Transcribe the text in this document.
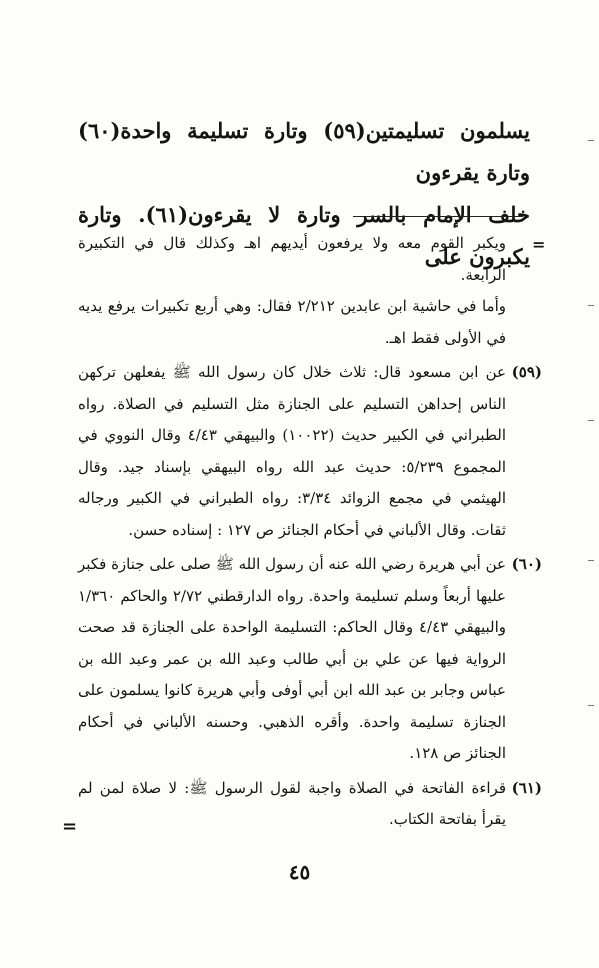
يسلمون تسليمتين(٥٩) وتارة تسليمة واحدة(٦٠) وتارة يقرءون

خلف الإمام بالسر وتارة لا يقرءون(٦١). وتارة يكبرون على =
ويكبر القوم معه ولا يرفعون أيديهم اهـ وكذلك قال في التكبيرة الرابعة.
وأما في حاشية ابن عابدين ٢/٢١٢ فقال: وهي أربع تكبيرات يرفع يديه في الأولى فقط اهـ.
(٥٩)
عن ابن مسعود قال: ثلاث خلال كان رسول الله ﷺ يفعلهن تركهن الناس إحداهن التسليم على الجنازة مثل التسليم في الصلاة. رواه الطبراني في الكبير حديث (١٠٠٢٢) والبيهقي ٤/٤٣ وقال النووي في المجموع ٥/٢٣٩: حديث عبد الله رواه البيهقي بإسناد جيد. وقال الهيثمي في مجمع الزوائد ٣/٣٤: رواه الطبراني في الكبير ورجاله ثقات. وقال الألباني في أحكام الجنائز ص ١٢٧ : إسناده حسن.
(٦٠)
عن أبي هريرة رضي الله عنه أن رسول الله ﷺ صلى على جنازة فكبر عليها أربعاً وسلم تسليمة واحدة. رواه الدارقطني ٢/٧٢ والحاكم ١/٣٦٠ والبيهقي ٤/٤٣ وقال الحاكم: التسليمة الواحدة على الجنازة قد صحت الرواية فيها عن علي بن أبي طالب وعبد الله بن عمر وعبد الله بن عباس وجابر بن عبد الله ابن أبي أوفى وأبي هريرة كانوا يسلمون على الجنازة تسليمة واحدة. وأقره الذهبي. وحسنه الألباني في أحكام الجنائز ص ١٢٨.
(٦١)
قراءة الفاتحة في الصلاة واجبة لقول الرسول ﷺ: لا صلاة لمن لم يقرأ بفاتحة الكتاب.
=
٤٥
